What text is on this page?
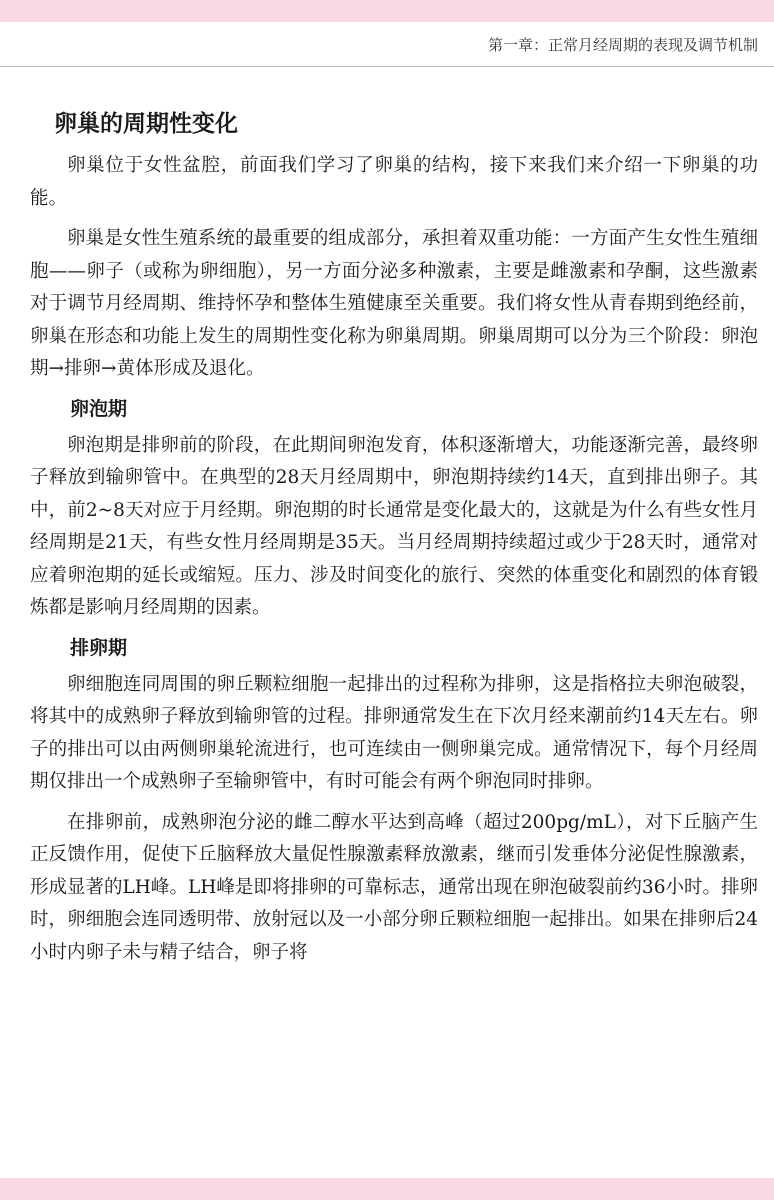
第一章：正常月经周期的表现及调节机制
卵巢的周期性变化

卵巢位于女性盆腔，前面我们学习了卵巢的结构，接下来我们来介绍一下卵巢的功能。

卵巢是女性生殖系统的最重要的组成部分，承担着双重功能：一方面产生女性生殖细胞——卵子（或称为卵细胞），另一方面分泌多种激素，主要是雌激素和孕酮，这些激素对于调节月经周期、维持怀孕和整体生殖健康至关重要。我们将女性从青春期到绝经前，卵巢在形态和功能上发生的周期性变化称为卵巢周期。卵巢周期可以分为三个阶段：卵泡期→排卵→黄体形成及退化。

卵泡期

卵泡期是排卵前的阶段，在此期间卵泡发育，体积逐渐增大，功能逐渐完善，最终卵子释放到输卵管中。在典型的28天月经周期中，卵泡期持续约14天，直到排出卵子。其中，前2~8天对应于月经期。卵泡期的时长通常是变化最大的，这就是为什么有些女性月经周期是21天，有些女性月经周期是35天。当月经周期持续超过或少于28天时，通常对应着卵泡期的延长或缩短。压力、涉及时间变化的旅行、突然的体重变化和剧烈的体育锻炼都是影响月经周期的因素。

排卵期

卵细胞连同周围的卵丘颗粒细胞一起排出的过程称为排卵，这是指格拉夫卵泡破裂，将其中的成熟卵子释放到输卵管的过程。排卵通常发生在下次月经来潮前约14天左右。卵子的排出可以由两侧卵巢轮流进行，也可连续由一侧卵巢完成。通常情况下，每个月经周期仅排出一个成熟卵子至输卵管中，有时可能会有两个卵泡同时排卵。

在排卵前，成熟卵泡分泌的雌二醇水平达到高峰（超过200pg/mL），对下丘脑产生正反馈作用，促使下丘脑释放大量促性腺激素释放激素，继而引发垂体分泌促性腺激素，形成显著的LH峰。LH峰是即将排卵的可靠标志，通常出现在卵泡破裂前约36小时。排卵时，卵细胞会连同透明带、放射冠以及一小部分卵丘颗粒细胞一起排出。如果在排卵后24小时内卵子未与精子结合，卵子将
